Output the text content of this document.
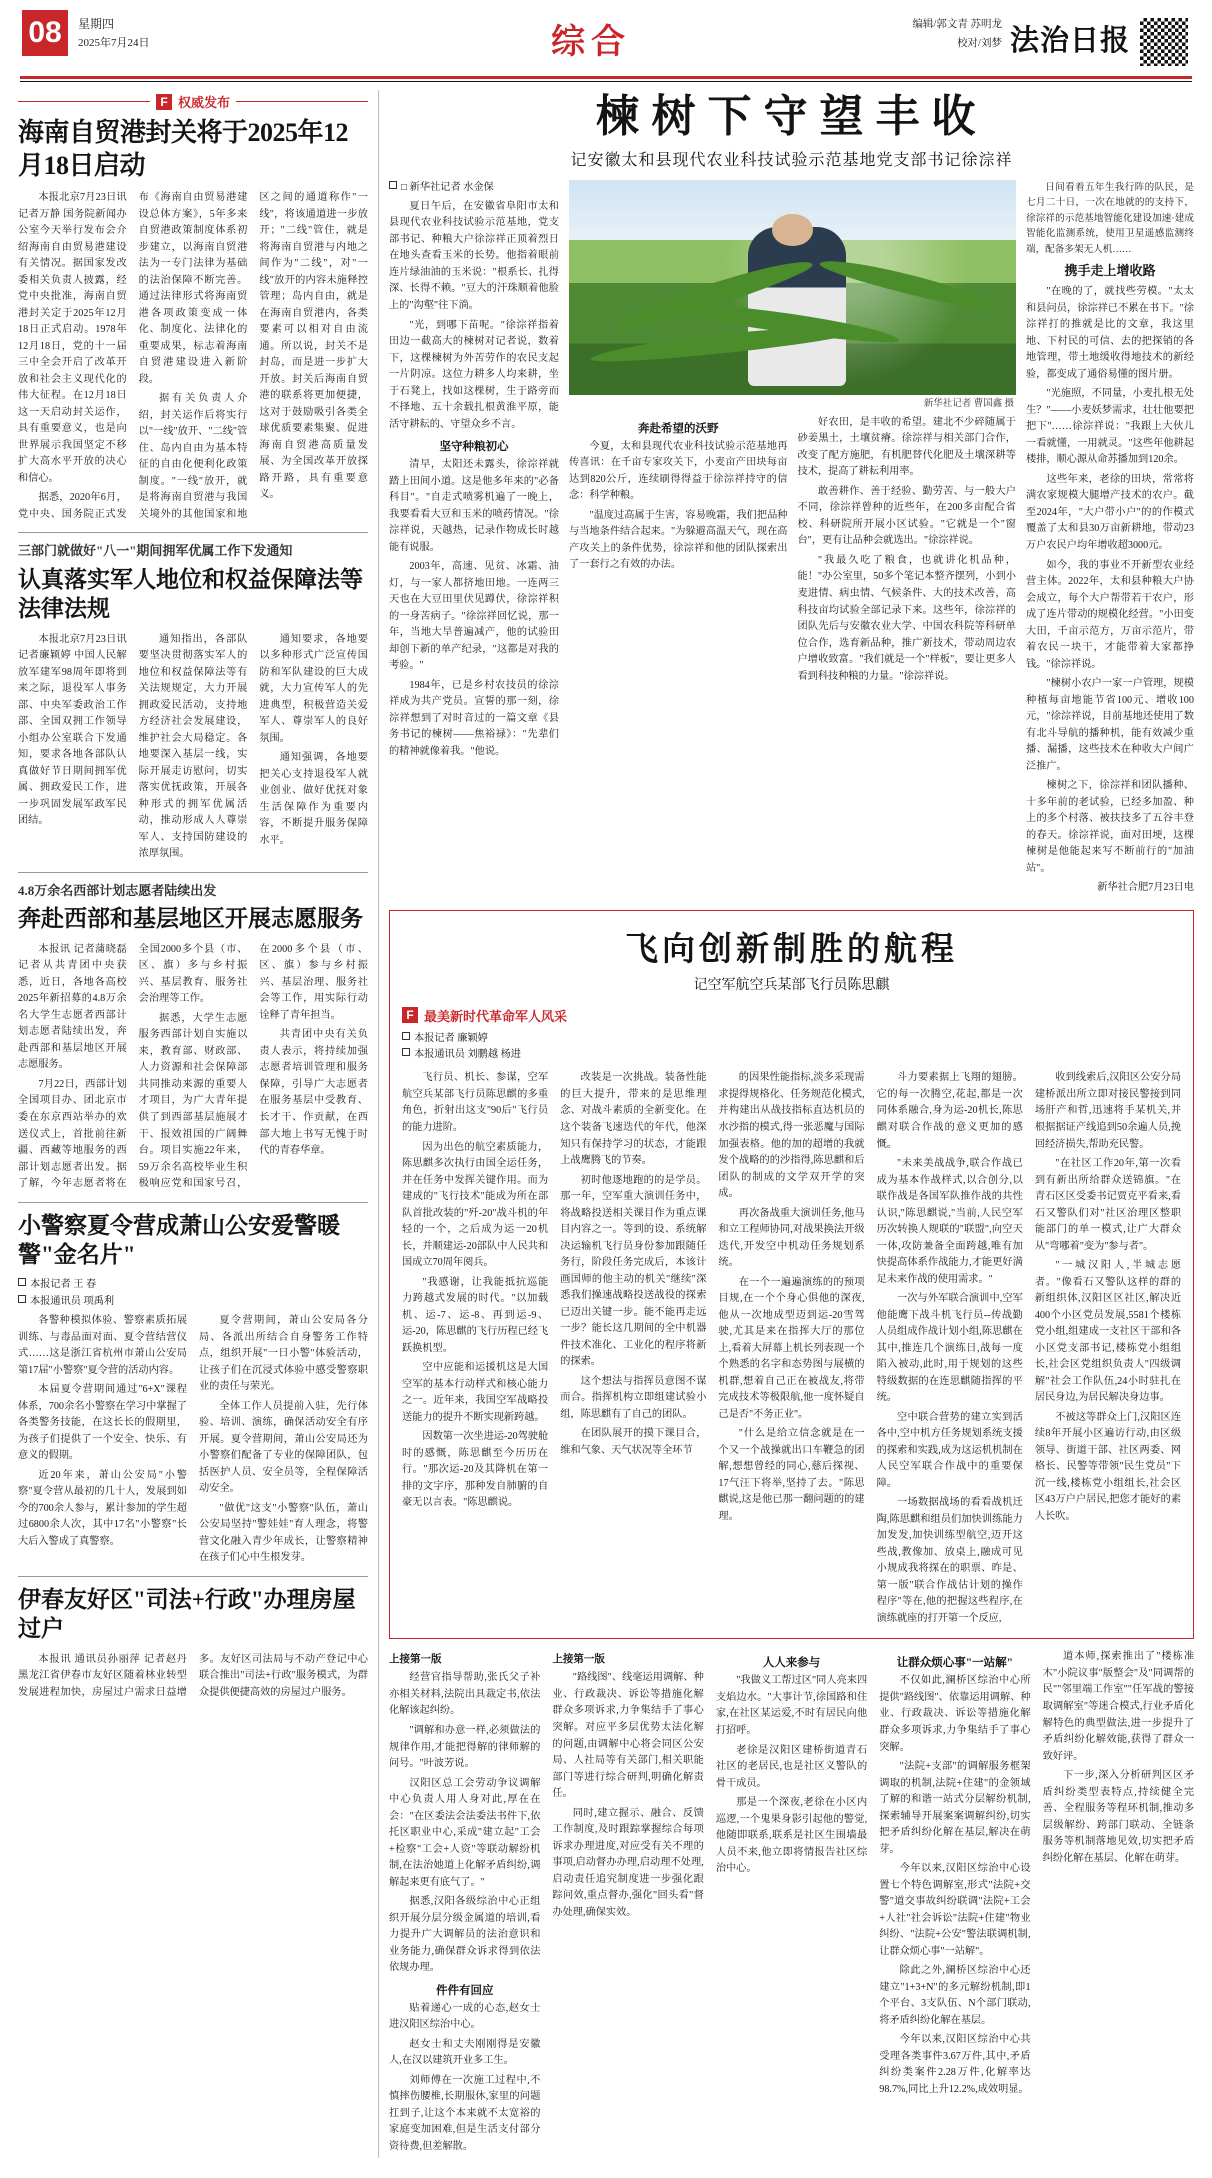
08	星期四
2025年7月24日	综合	编辑/郭文青 苏明龙
校对/刘梦 法治日报
F 权威发布
海南自贸港封关将于2025年12月18日启动

本报北京7月23日讯 记者万静 国务院新闻办公室今天举行发布会介绍海南自由贸易港建设有关情况。据国家发改委相关负责人披露，经党中央批准，海南自贸港封关定于2025年12月18日正式启动。1978年12月18日，党的十一届三中全会开启了改革开放和社会主义现代化的伟大征程。在12月18日这一天启动封关运作，具有重要意义，也是向世界展示我国坚定不移扩大高水平开放的决心和信心。

据悉，2020年6月，党中央、国务院正式发布《海南自由贸易港建设总体方案》，5年多来自贸港政策制度体系初步建立，以海南自贸港法为一专门法律为基础的法治保障不断完善。通过法律形式将海南贸港各项政策变成一体化、制度化、法律化的重要成果，标志着海南自贸港建设进入新阶段。

据有关负责人介绍，封关运作后将实行以"一线"放开、"二线"管住、岛内自由为基本特征的自由化便利化政策制度。"一线"放开，就是将海南自贸港与我国关境外的其他国家和地区之间的通道称作"一线"，将该通道进一步放开；"二线"管住，就是将海南自贸港与内地之间作为"二线"，对"一线"放开的内容未施释控管理；岛内自由，就是在海南自贸港内，各类要素可以相对自由流通。所以说，封关不是封岛，而是进一步扩大开放。封关后海南自贸港的联系将更加便捷，这对于鼓励吸引各类全球优质要素集聚、促进海南自贸港高质量发展、为全国改革开放探路开路，具有重要意义。

三部门就做好"八一"期间拥军优属工作下发通知
认真落实军人地位和权益保障法等法律法规

本报北京7月23日讯 记者廉颖婷 中国人民解放军建军98周年即将到来之际，退役军人事务部、中央军委政治工作部、全国双拥工作领导小组办公室联合下发通知，要求各地各部队认真做好节日期间拥军优属、拥政爱民工作，进一步巩固发展军政军民团结。

通知指出，各部队要坚决贯彻落实军人的地位和权益保障法等有关法规规定，大力开展拥政爱民活动，支持地方经济社会发展建设，维护社会大局稳定。各地要深入基层一线，实际开展走访慰问，切实落实优抚政策，开展各种形式的拥军优属活动，推动形成人人尊崇军人、支持国防建设的浓厚氛围。

通知要求，各地要以多种形式广泛宣传国防和军队建设的巨大成就，大力宣传军人的先进典型，积极营造关爱军人、尊崇军人的良好氛围。

通知强调，各地要把关心支持退役军人就业创业、做好优抚对象生活保障作为重要内容，不断提升服务保障水平。

4.8万余名西部计划志愿者陆续出发
奔赴西部和基层地区开展志愿服务

本报讯 记者蒲晓磊 记者从共青团中央获悉，近日，各地各高校2025年新招募的4.8万余名大学生志愿者西部计划志愿者陆续出发，奔赴西部和基层地区开展志愿服务。

7月22日，西部计划全国项目办、团北京市委在东京西站举办的欢送仪式上，首批前往新疆、西藏等地服务的西部计划志愿者出发。据了解，今年志愿者将在全国2000多个县（市、区、旗）多与乡村振兴、基层教育、服务社会治理等工作。

据悉，大学生志愿服务西部计划自实施以来，教育部、财政部、人力资源和社会保障部共同推动来源的重要人才项目，为广大青年提供了到西部基层施展才干、报效祖国的广阔舞台。项目实施22年来，59万余名高校毕业生积极响应党和国家号召，在2000多个县（市、区、旗）参与乡村振兴、基层治理、服务社会等工作，用实际行动诠释了青年担当。

共青团中央有关负责人表示，将持续加强志愿者培训管理和服务保障，引导广大志愿者在服务基层中受教育、长才干、作贡献，在西部大地上书写无愧于时代的青春华章。

小警察夏令营成萧山公安爱警暖警"金名片"
本报记者 王 春
本报通讯员 项禹利

各警种模拟体验、警察素质拓展训练、与毒品面对面、夏令营结营仪式……这是浙江省杭州市萧山公安局第17届"小警察"夏令营的活动内容。

本届夏令营期间通过"6+X"课程体系，700余名小警察在学习中掌握了各类警务技能，在这长长的假期里，为孩子们提供了一个安全、快乐、有意义的假期。

近20年来，萧山公安局"小警察"夏令营从最初的几十人，发展到如今的700余人参与，累计参加的学生超过6800余人次，其中17名"小警察"长大后入警成了真警察。

夏令营期间，萧山公安局各分局、各派出所结合自身警务工作特点，组织开展"一日小警"体验活动，让孩子们在沉浸式体验中感受警察职业的责任与荣光。

全体工作人员提前入驻，先行体验、培训、演练，确保活动安全有序开展。夏令营期间，萧山公安局还为小警察们配备了专业的保障团队，包括医护人员、安全员等，全程保障活动安全。

"做优"这支"小警察"队伍，萧山公安局坚持"警娃娃"育人理念，将警营文化融入青少年成长，让警察精神在孩子们心中生根发芽。

伊春友好区"司法+行政"办理房屋过户

本报讯 通讯员孙丽萍 记者赵丹 黑龙江省伊春市友好区随着林业转型发展进程加快，房屋过户需求日益增多。友好区司法局与不动产登记中心联合推出"司法+行政"服务模式，为群众提供便捷高效的房屋过户服务。

楝树下守望丰收
记安徽太和县现代农业科技试验示范基地党支部书记徐淙祥
□ 新华社记者 水金保

夏日午后，在安徽省阜阳市太和县现代农业科技试验示范基地，党支部书记、种粮大户徐淙祥正顶着烈日在地头查看玉米的长势。他指着眼前连片绿油油的玉米说："根系长、扎得深、长得不赖。"豆大的汗珠顺着他脸上的"沟壑"往下淌。

"光，到哪下苗呢。"徐淙祥指着田边一截高大的楝树对记者说，数着下，这棵楝树为外苦劳作的农民支起一片阴凉。这位力耕多人均来耕，坐于石凳上，找如这棵树，生于路旁而不择地、五十余载扎根黄淮平原，能活守耕耘的、守望众乡不言。

坚守种粮初心

清早，太阳还未露头，徐淙祥就踏上田间小道。这是他多年来的"必备科目"。"自走式喷雾机遍了一晚上，我要看看大豆和玉米的喷药情况。"徐淙祥说，天越热，记录作物成长时越能有说服。

2003年，高速、见贫、冰霜、油灯，与一家人都挤地田地。一连两三天也在大豆田里伏见蹲伏，徐淙祥积的一身苦病子。"徐淙祥回忆说，那一年，当地大旱普遍减产，他的试验田却创下新的单产纪录，"这都是对我的考验。"

1984年，已是乡村农技员的徐淙祥成为共产党员。宣誓的那一刻，徐淙祥想到了对时音过的一篇文章《县务书记的楝树——焦裕禄》："先辈们的精神就像着我。"他说。

新华社记者 曹国鑫 摄
奔赴希望的沃野

今夏，太和县现代农业科技试验示范基地再传喜讯：在千亩专家攻关下，小麦亩产田块每亩达到820公斤，连续刷得得益于徐淙祥持守的信念：科学种粮。

"温度过高属于生害，容易晚霜，我们把品种与当地条件结合起来。"为躲避高温天气，现在高产攻关上的条件优势，徐淙祥和他的团队探索出了一套行之有效的办法。

好农田，是丰收的希望。建北不少碎随属于砂姜黑土，土壤贫瘠。徐淙祥与相关部门合作，改变了配方施肥，有机肥替代化肥及土壤深耕等技术，提高了耕耘利用率。

敢善耕作、善于经验、勤劳苦、与一般大户不同，徐淙祥曾种的近些年，在200多亩配合省校、科研院所开展小区试验。"它就是一个"窗台"，更有让品种会就选出。"徐淙祥说。

"我最久吃了粮食，也就讲化机品种，能！"办公室里，50多个笔记本整齐摆列，小到小麦进情、病虫情、气候条件、大的技术改善，高科技亩均试验全部记录下来。这些年，徐淙祥的团队先后与安徽农业大学、中国农科院等科研单位合作，选育新品种，推广新技术，带动周边农户增收致富。"我们就是一个"样板"，要让更多人看到科技种粮的力量。"徐淙祥说。

日间看着五年生我行阵的队民，是七月二十日，一次在地就的的支持下，徐淙祥的示范基地智能化建设加速·建成智能化监测系统，使用卫星遥感监测终端，配备多架无人机……

携手走上增收路

"在晚的了，就找些劳模。"太太和县问员，徐淙祥已不累在书下。"徐淙祥打的推就是比的文章，我这里地、下村民的可信、去的把探销的各地管理，带土地缓收得地技术的新经验，都变成了通俗易懂的图片册。

"光施照，不同量，小麦扎根无处生？"——小麦妖梦需求，壮壮他要把把下"……徐淙祥说："我跟上大伙儿一看就懂，一用就灵。"这些年他耕起楼排，顺心源从命苏播加到120余。

这些年来，老徐的田块，常常将满农家规模大腿增产技术的农户。截至2024年，"大户带小户"的的作模式覆盖了太和县30万亩新耕地，带动23万户农民户均年增收超3000元。

如今，我的事业不开新型农业经营主体。2022年，太和县种粮大户协会成立，每个大户帮带若干农户，形成了连片带动的规模化经营。"小田变大田，千亩示范方，万亩示范片，带着农民一块干，才能带着大家都挣钱。"徐淙祥说。

"楝树小农户一家一户管理，规模种植每亩地能节省100元、增收100元，"徐淙祥说，目前基地还使用了数有北斗导航的播种机，能有效减少重播、漏播，这些技术在种收大户间广泛推广。

楝树之下，徐淙祥和团队播种、十多年前的老试验，已经多加盈、种上的多个村落、被扶技多了五谷丰登的春天。徐淙祥说，面对田埂，这棵楝树是他能起来写不断前行的"加油站"。

新华社合肥7月23日电

飞向创新制胜的航程
记空军航空兵某部飞行员陈思麒
F 最美新时代革命军人风采
本报记者 廉颖婷
本报通讯员 刘鹏越 杨进

飞行员、机长、参谋，空军航空兵某部飞行员陈思麒的多重角色，折射出这支"90后"飞行员的能力进阶。

因为出色的航空素质能力，陈思麒多次执行由国全运任务，并在任务中发挥关键作用。而为建成的"飞行技术"能成为所在部队首批改装的"歼-20"战斗机的年轻的一个，之后成为运一20机长，并顺建运-20部队中人民共和国成立70周年阅兵。

"我感谢，让我能抵抗巡能力跨越式发展的时代。"以加载机、运-7、运-8、再到运-9、运-20，陈思麒的飞行历程已经飞跃换机型。

空中应能和运援机这是大国空军的基本行动样式和核心能力之一。近年来，我国空军战略投送能力的提升不断实现新跨越。

因数第一次坐进运-20驾驶舱时的感慨，陈思麒至今历历在行。"那次运-20及其降机在第一排的文字序，那种发自肺腑的自豪无以言表。"陈思麒说。

改装是一次挑战。装备性能的巨大提升，带来的是思维理念、对战斗素质的全新变化。在这个装备飞速迭代的年代，他深知只有保持学习的状态，才能跟上战鹰腾飞的节奏。

初时他逐地跑的的是学员。那一年，空军重大演训任务中，将战略投送相关课目作为重点课目内容之一。等到的设、系统解决运输机飞行员身份参加跟随任务行，阶段任务完成后，本该计画国师的他主动的机关"继续"深悉我们操速战略投送战役的探索已迈出关键一步。能不能再走远一步？能长这几期间的全中机器件技术准化、工业化的程序将新的探索。

这个想法与指挥员意图不谋而合。指挥机构立即组建试验小组，陈思麒有了自己的团队。

在团队展开的摸下课目合，维和气象、天气状况等全环节

的因果性能指标,淡多采现需求提得规格化、任务规范化模式,并构建出从战技指标直达机员的水沙指的模式,得一张恶魔与国际加强表格。他的加的超增的我就发个战略的的沙指得,陈思麒和后团队的制成的文学双开学的突成。

再次备战重大演训任务,他马和立工程师协同,对战果换法开级迭代,开发空中机动任务规划系统。

在一个一遍遍演练的的预项目规,在一个个身心俱他的深夜,他从一次地成型迈到运-20雪驾驶,尤其是来在指挥大厅的那位上,看着大屏幕上机长列表现一个个熟悉的名字和态势图与展横的机群,想着自己正在被战友,将带完成技术等极限航,他一度怀疑自己是否"不务正业"。

"什么是给立信念就是在一个又一个战操就出口车鞭急的团解,想想曾经的同心,慈后探视、17气汪下将举,坚持了去。"陈思麒说,这是他已那一翻问题的的建理。

斗力要素据上飞翔的翅膀。它的每一次腾空,花起,都是一次同体系融合,身为运-20机长,陈思麒对联合作战的意义更加的感慨。

"未来美战战争,联合作战已成为基本作战样式,以合创分,以联作战是各国军队推作战的共性认识,"陈思麒说,"当前,人民空军历次转换人规联的"联盟",向空天一体,攻防兼备全面跨越,唯有加快提高体系作战能力,才能更好满足未来作战的使用需求。"

一次与外军联合演训中,空军他能鹰下战斗机飞行员--传战勤人员组成作战计划小组,陈思麒在其中,推连几个演练日,战每一度陷入被动,此时,用于规划的这些特级数据的在连思麒随指挥的平统。

空中联合营势的建立实到活各中,空中机方任务规划系统支援的探索和实践,成为这运机机制在人民空军联合作战中的重要保障。

一场数据战场的看看战机迁陶,陈思麒和组员们加快训练能力加发发,加快训练型航空,迈开这些战,教像加、放桌上,融成可见小规成我将探在的职票、昨是、第一版"联合作战估计划的操作程序"等在,他的把握这些程序,在演练就座的打开第一个反应,

收到线索后,汉阳区公安分局建桥派出所立即对接民警接到同场肝产和哲,迅速将手某机关,并根据据证产线追到50余遍人员,挽回经济损失,帮助充民警。

"在社区工作20年,第一次看到有新出所给群众送锦旗。"在青石区区受委书记贾克平看来,看石又警队们对"社区治理区整职能部门的单一模式,让广大群众从"弯哪着"变为"参与者"。

"一城汉阳人,半城志愿者。"像看石又警队这样的群的新组织体,汉阳区区社区,解决近400个小区党员发展,5581个楼栋党小组,组建成一支社区干部和各小区党支部书记,楼栋党小组组长,社会区党组织负责人"四级调解"社会工作队伍,24小时驻扎在居民身边,为居民解决身边事。

不被这等群众上门,汉阳区连续8年开展小区遍访行动,由区级领导、街道干部、社区两委、网格长、民警等带领"民生党员"下沉一线,楼栋党小组组长,社会区区43万户户居民,把您才能好的素人长吹。

上接第一版

经营官指导帮助,张氏父子补亦相关材料,法院出具裁定书,依法化解该起纠纷。

"调解和办意一样,必须做法的规律作用,才能把得解的律师解的问号。"叶波芳说。

汉阳区总工会劳动争议调解中心负责人用人身对此,厚在在会："在区委法会法委法书件下,依托区职业中心,采成"建立起"工会+检察"工会+人资"等联动解纷机制,在法治她道上化解矛盾纠纷,调解起来更有底气了。"

据悉,汉阳各级综治中心正组织开展分层分级金属道的培训,看力提升广大调解员的法治意识和业务能力,确保群众诉求得到依法依规办理。

件件有回应

贴着递心一成的心态,赵女士进汉阳区综治中心。

赵女士和丈夫刚刚得是安徽人,在汉以建筑开业多工生。

刘师傅在一次施工过程中,不慎摔伤腰椎,长期服休,家里的问题扛到子,让这个本来就不太宽裕的家庭变加困难,但是生活支付部分资待费,但差解散。

上接第一版

"路线图"、线毫运用调解、种业、行政裁决、诉讼等措施化解群众多项诉求,力争集结手了事心突解。对应平多层优势太法化解的问题,由调解中心将会同区公安局、人社局等有关部门,相关职能部门等进行综合研判,明确化解责任。

同时,建立握示、融合、反馈工作制度,及时跟踪掌握综合每项诉求办理进度,对应受有关不理的事项,启动督办办理,启动理不处理,启动责任追究制度进一步强化跟踪问效,重点督办,强化"回头看"督办处理,确保实效。

人人来参与

"我做义工帮过区"同人亮来四支焰边水。"大事计节,徐国路和住家,在社区某运爱,不时有居民向他打招呼。

老徐是汉阳区建桥街道青石社区的老居民,也是社区义警队的骨干成员。

那是一个深夜,老徐在小区内巡逻,一个鬼果身影引起他的警觉,他随即联系,联系是社区生围墙最人员不来,他立即将情报告社区综治中心。

让群众烦心事"一站解"

不仅如此,澜桥区综治中心所提供"路线图"、依靠运用调解、种业、行政裁决、诉讼等措施化解群众多项诉求,力争集结手了事心突解。

"法院+支部"的调解服务框架调取的机制,法院+住建"的金领域了解的和谐一站式分层解纷机制,探索辅导开展案案调解纠纷,切实把矛盾纠纷化解在基层,解决在萌芽。

今年以来,汉阳区综治中心设置七个特色调解室,形式"法院+交警"道交事故纠纷联调"法院+工会+人社"社会诉讼"法院+住建"物业纠纷、"法院+公安"警法联调机制,让群众烦心事"一站解"。

除此之外,澜桥区综治中心还建立"1+3+N"的多元解纷机制,即1个平台、3支队伍、N个部门联动,将矛盾纠纷化解在基层。

今年以来,汉阳区综治中心共受理各类事件3.67万件,其中,矛盾纠纷类案件2.28万件,化解率达98.7%,同比上升12.2%,成效明显。

道本师,探索推出了"楼栋准木"小院议事"版整会"及"同调帮的民""邻里端工作室""任军战的警接取调解室"等迷合模式,行业矛盾化解特色的典型做法,进一步提升了矛盾纠纷化解效能,获得了群众一致好评。

下一步,深入分析研判区区矛盾纠纷类型表特点,持续健全完善、全程服务等程环机制,推动多层级解纷、跨部门联动、全链条服务等机制落地见效,切实把矛盾纠纷化解在基层、化解在萌芽。
